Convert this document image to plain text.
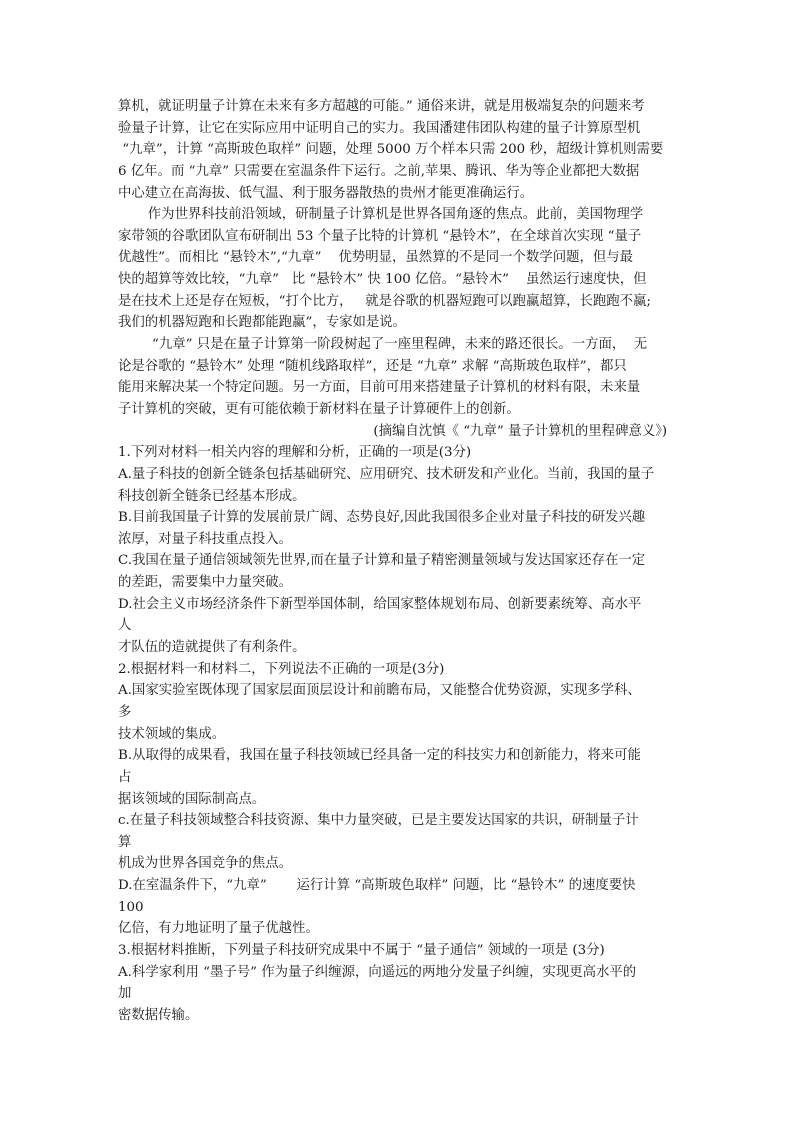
算机，就证明量子计算在未来有多方超越的可能。” 通俗来讲，就是用极端复杂的问题来考
验量子计算，让它在实际应用中证明自己的实力。我国潘建伟团队构建的量子计算原型机
“九章”，计算 “高斯玻色取样” 问题，处理 5000 万个样本只需 200 秒，超级计算机则需要
6 亿年。而 “九章” 只需要在室温条件下运行。之前,苹果、腾讯、华为等企业都把大数据
中心建立在高海拔、低气温、利于服务器散热的贵州才能更准确运行。
作为世界科技前沿领域，研制量子计算机是世界各国角逐的焦点。此前，美国物理学
家带领的谷歌团队宣布研制出 53 个量子比特的计算机 “悬铃木”，在全球首次实现 “量子
优越性”。而相比 “悬铃木”,“九章”    优势明显，虽然算的不是同一个数学问题，但与最
快的超算等效比较，“九章”   比 “悬铃木” 快 100 亿倍。“悬铃木”    虽然运行速度快，但
是在技术上还是存在短板，“打个比方，   就是谷歌的机器短跑可以跑赢超算，长跑跑不赢;
我们的机器短跑和长跑都能跑赢”，专家如是说。
“九章” 只是在量子计算第一阶段树起了一座里程碑，未来的路还很长。一方面，  无
论是谷歌的 “悬铃木” 处理 “随机线路取样”，还是 “九章” 求解 “高斯玻色取样”，都只
能用来解决某一个特定问题。另一方面，目前可用来搭建量子计算机的材料有限，未来量
子计算机的突破，更有可能依赖于新材料在量子计算硬件上的创新。
(摘编自沈慎《 “九章” 量子计算机的里程碑意义》)
1.下列对材料一相关内容的理解和分析，正确的一项是(3分)
A.量子科技的创新全链条包括基础研究、应用研究、技术研发和产业化。当前，我国的量子
科技创新全链条已经基本形成。
B.目前我国量子计算的发展前景广阔、态势良好,因此我国很多企业对量子科技的研发兴趣
浓厚，对量子科技重点投入。
C.我国在量子通信领域领先世界,而在量子计算和量子精密测量领域与发达国家还存在一定
的差距，需要集中力量突破。
D.社会主义市场经济条件下新型举国体制，给国家整体规划布局、创新要素统筹、高水平
人
才队伍的造就提供了有利条件。
2.根据材料一和材料二，下列说法不正确的一项是(3分)
A.国家实验室既体现了国家层面顶层设计和前瞻布局，又能整合优势资源，实现多学科、
多
技术领域的集成。
B.从取得的成果看，我国在量子科技领域已经具备一定的科技实力和创新能力，将来可能
占
据该领域的国际制高点。
c.在量子科技领域整合科技资源、集中力量突破，已是主要发达国家的共识，研制量子计
算
机成为世界各国竞争的焦点。
D.在室温条件下，“九章”       运行计算 “高斯玻色取样” 问题，比 “悬铃木” 的速度要快
100
亿倍，有力地证明了量子优越性。
3.根据材料推断，下列量子科技研究成果中不属于 “量子通信” 领域的一项是 (3分)
A.科学家利用 “墨子号” 作为量子纠缠源，向遥远的两地分发量子纠缠，实现更高水平的
加
密数据传输。
